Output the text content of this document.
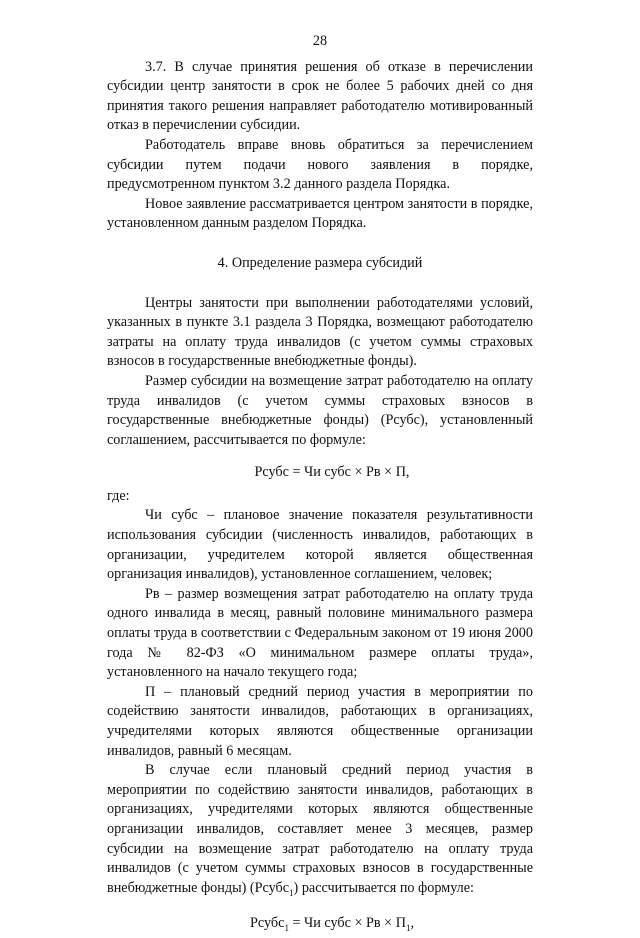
28

3.7. В случае принятия решения об отказе в перечислении субсидии центр занятости в срок не более 5 рабочих дней со дня принятия такого решения направляет работодателю мотивированный отказ в перечислении субсидии.

Работодатель вправе вновь обратиться за перечислением субсидии путем подачи нового заявления в порядке, предусмотренном пунктом 3.2 данного раздела Порядка.

Новое заявление рассматривается центром занятости в порядке, установленном данным разделом Порядка.

4. Определение размера субсидий

Центры занятости при выполнении работодателями условий, указанных в пункте 3.1 раздела 3 Порядка, возмещают работодателю затраты на оплату труда инвалидов (с учетом суммы страховых взносов в государственные внебюджетные фонды).

Размер субсидии на возмещение затрат работодателю на оплату труда инвалидов (с учетом суммы страховых взносов в государственные внебюджетные фонды) (Рсубс), установленный соглашением, рассчитывается по формуле:

Рсубс = Чи субс × Рв × П,

где:

Чи субс – плановое значение показателя результативности использования субсидии (численность инвалидов, работающих в организации, учредителем которой является общественная организация инвалидов), установленное соглашением, человек;

Рв – размер возмещения затрат работодателю на оплату труда одного инвалида в месяц, равный половине минимального размера оплаты труда в соответствии с Федеральным законом от 19 июня 2000 года № 82-ФЗ «О минимальном размере оплаты труда», установленного на начало текущего года;

П – плановый средний период участия в мероприятии по содействию занятости инвалидов, работающих в организациях, учредителями которых являются общественные организации инвалидов, равный 6 месяцам.

В случае если плановый средний период участия в мероприятии по содействию занятости инвалидов, работающих в организациях, учредителями которых являются общественные организации инвалидов, составляет менее 3 месяцев, размер субсидии на возмещение затрат работодателю на оплату труда инвалидов (с учетом суммы страховых взносов в государственные внебюджетные фонды) (Рсубс$_1$) рассчитывается по формуле:

Рсубс$_1$ = Чи субс × Рв × $П_1$,
